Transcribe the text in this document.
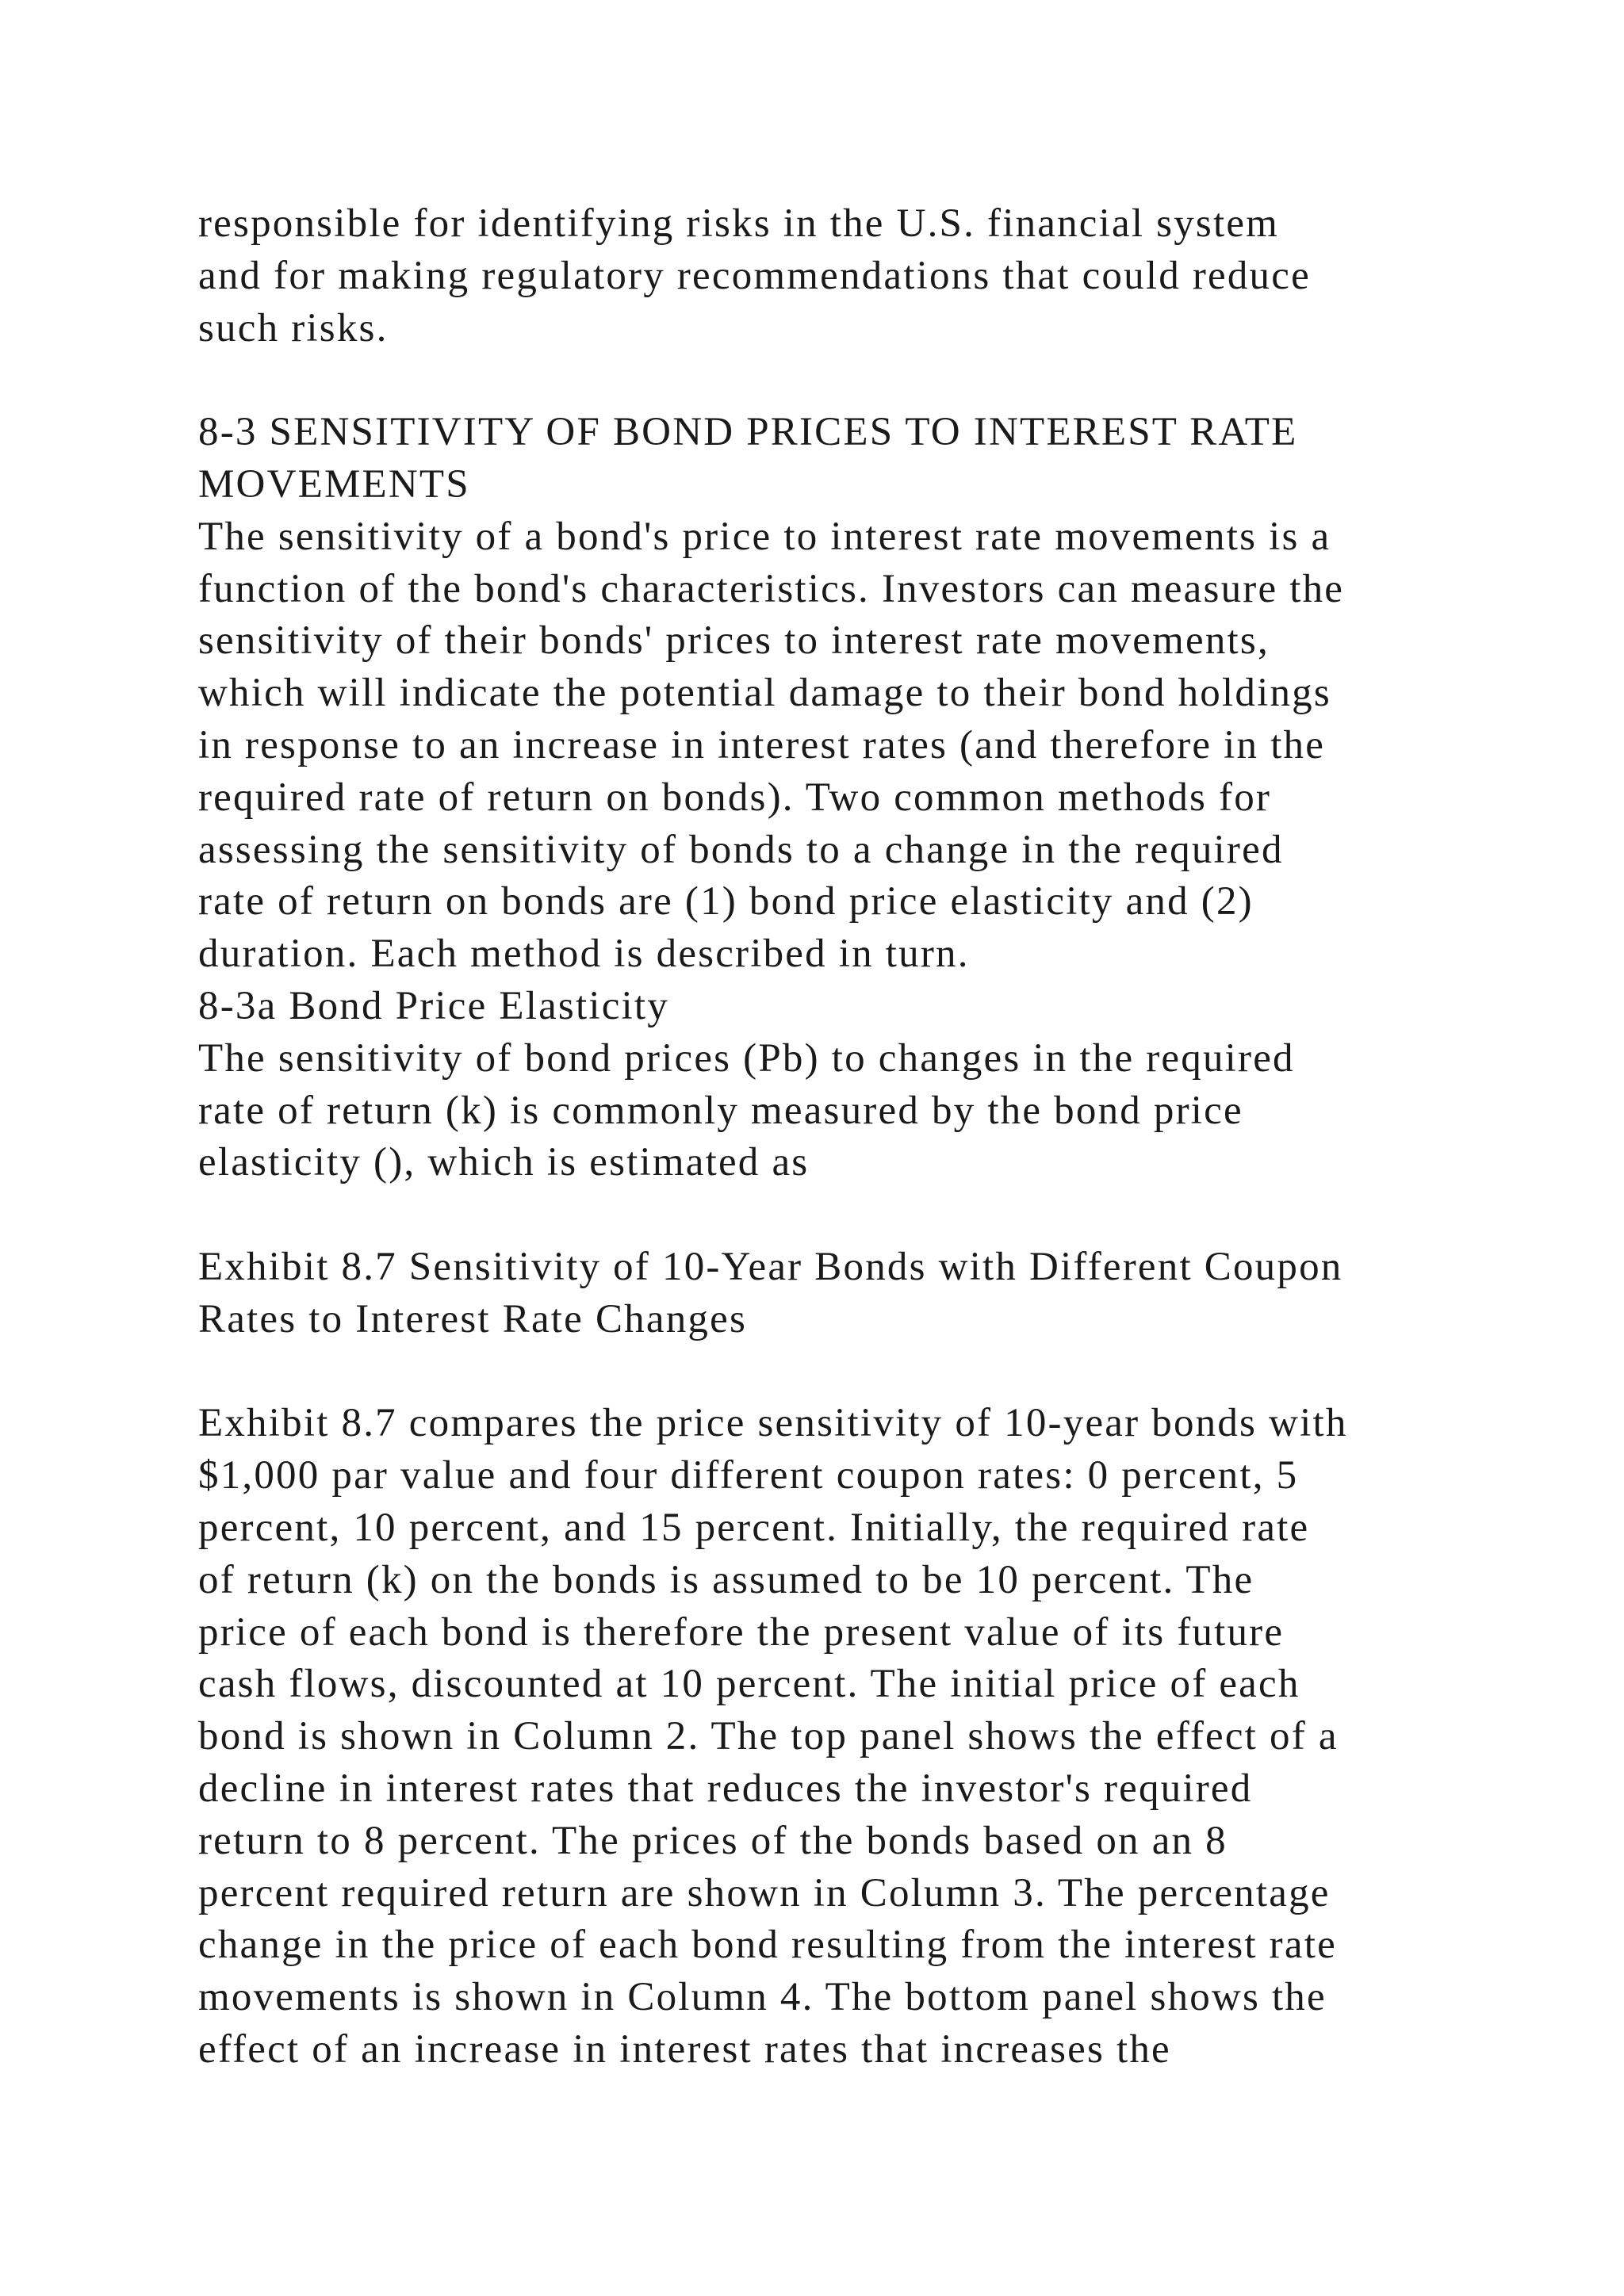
responsible for identifying risks in the U.S. financial system
and for making regulatory recommendations that could reduce
such risks.
8-3 SENSITIVITY OF BOND PRICES TO INTEREST RATE
MOVEMENTS
The sensitivity of a bond's price to interest rate movements is a
function of the bond's characteristics. Investors can measure the
sensitivity of their bonds' prices to interest rate movements,
which will indicate the potential damage to their bond holdings
in response to an increase in interest rates (and therefore in the
required rate of return on bonds). Two common methods for
assessing the sensitivity of bonds to a change in the required
rate of return on bonds are (1) bond price elasticity and (2)
duration. Each method is described in turn.
8-3a Bond Price Elasticity
The sensitivity of bond prices (Pb) to changes in the required
rate of return (k) is commonly measured by the bond price
elasticity (), which is estimated as
Exhibit 8.7 Sensitivity of 10-Year Bonds with Different Coupon
Rates to Interest Rate Changes
Exhibit 8.7 compares the price sensitivity of 10-year bonds with
$1,000 par value and four different coupon rates: 0 percent, 5
percent, 10 percent, and 15 percent. Initially, the required rate
of return (k) on the bonds is assumed to be 10 percent. The
price of each bond is therefore the present value of its future
cash flows, discounted at 10 percent. The initial price of each
bond is shown in Column 2. The top panel shows the effect of a
decline in interest rates that reduces the investor's required
return to 8 percent. The prices of the bonds based on an 8
percent required return are shown in Column 3. The percentage
change in the price of each bond resulting from the interest rate
movements is shown in Column 4. The bottom panel shows the
effect of an increase in interest rates that increases the
